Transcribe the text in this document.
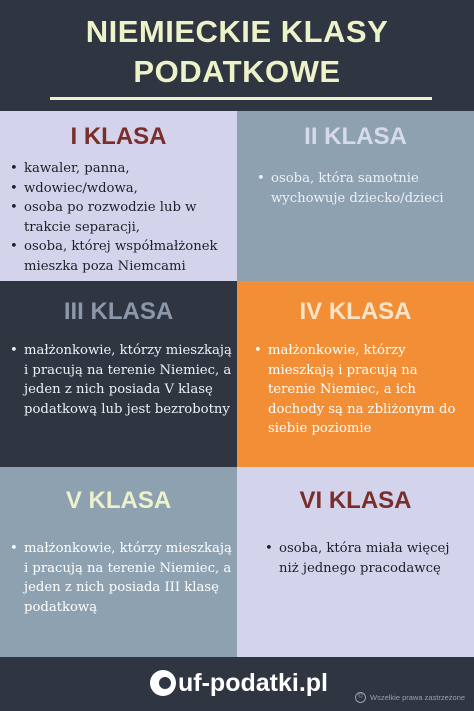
NIEMIECKIE KLASY
PODATKOWE
I KLASA
• kawaler, panna,
• wdowiec/wdowa,
• osoba po rozwodzie lub w trakcie separacji,
• osoba, której współmałżonek mieszka poza Niemcami
II KLASA
• osoba, która samotnie wychowuje dziecko/dzieci
III KLASA
• małżonkowie, którzy mieszkają i pracują na terenie Niemiec, a jeden z nich posiada V klasę podatkową lub jest bezrobotny
IV KLASA
• małżonkowie, którzy mieszkają i pracują na terenie Niemiec, a ich dochody są na zbliżonym do siebie poziomie
V KLASA
• małżonkowie, którzy mieszkają i pracują na terenie Niemiec, a jeden z nich posiada III klasę podatkową
VI KLASA
• osoba, która miała więcej niż jednego pracodawcę
uf-podatki.pl
© Wszelkie prawa zastrzeżone
